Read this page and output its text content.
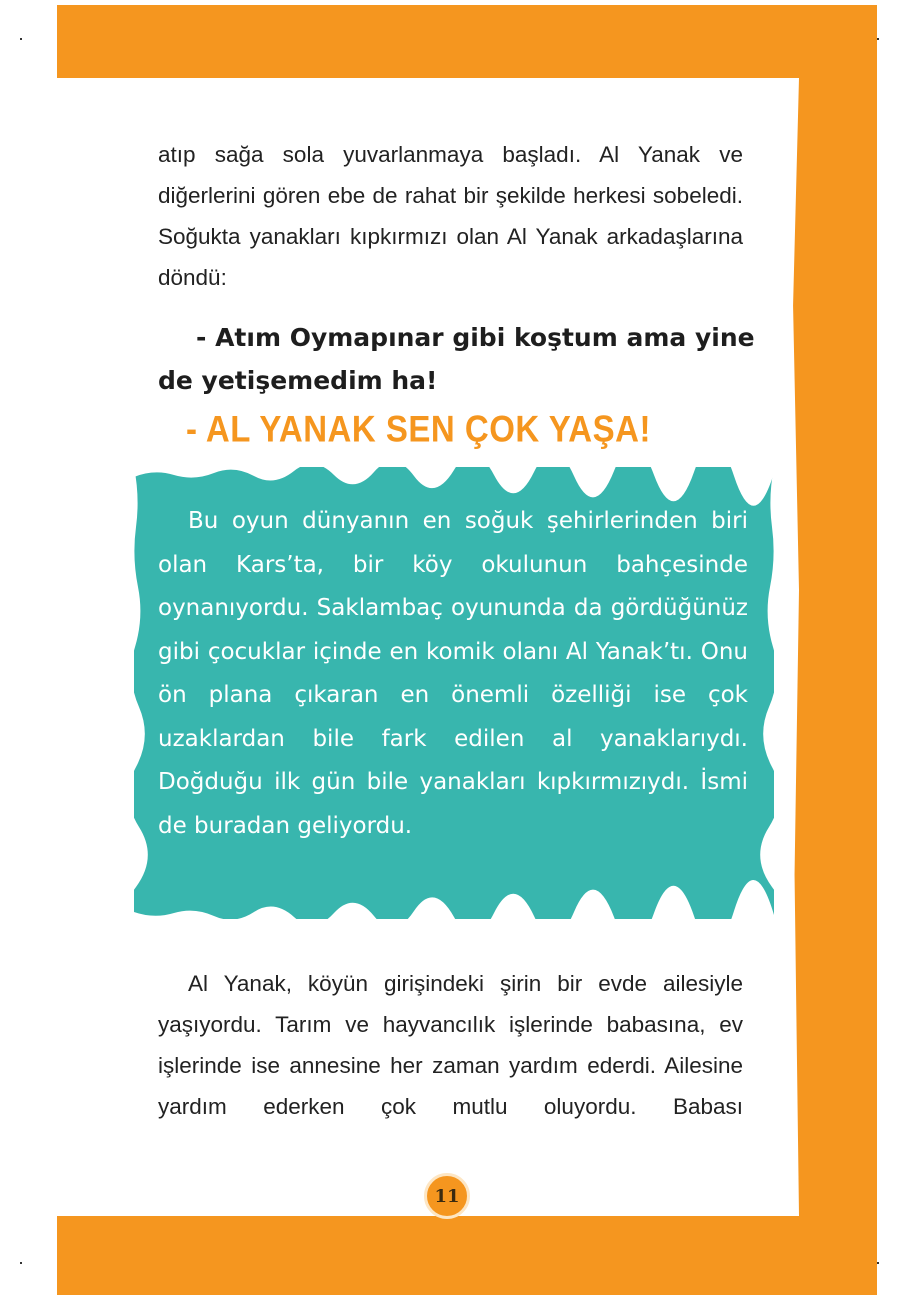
atıp sağa sola yuvarlanmaya başladı. Al Yanak ve diğerlerini gören ebe de rahat bir şekilde herkesi sobeledi. Soğukta yanakları kıpkırmızı olan Al Yanak arkadaşlarına döndü:

- Atım Oymapınar gibi koştum ama yine
de yetişemedim ha!
- AL YANAK SEN ÇOK YAŞA!

Bu oyun dünyanın en soğuk şehirlerinden biri olan Kars’ta, bir köy okulunun bahçesinde oynanıyordu. Saklambaç oyununda da gördüğünüz gibi çocuklar içinde en komik olanı Al Yanak’tı. Onu ön plana çıkaran en önemli özelliği ise çok uzaklardan bile fark edilen al yanaklarıydı. Doğduğu ilk gün bile yanakları kıpkırmızıydı. İsmi de buradan geliyordu.

Al Yanak, köyün girişindeki şirin bir evde ailesiyle yaşıyordu. Tarım ve hayvancılık işlerinde babasına, ev işlerinde ise annesine her zaman yardım ederdi. Ailesine yardım ederken çok mutlu oluyordu. Babası

11
